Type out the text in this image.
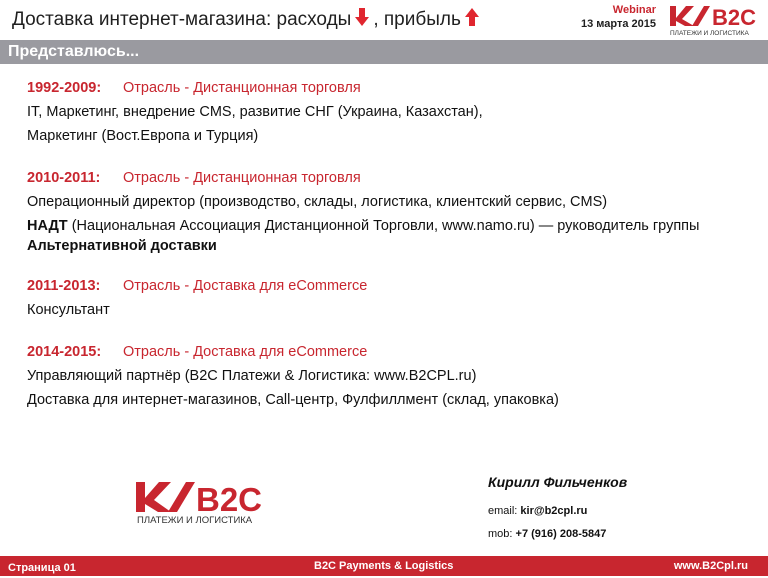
Доставка интернет-магазина: расходы , прибыль	Webinar
13 марта 2015	B2C
ПЛАТЕЖИ И ЛОГИСТИКА
Представлюсь...
1992-2009: Отрасль - Дистанционная торговля
IT, Маркетинг, внедрение CMS, развитие СНГ (Украина, Казахстан),
Маркетинг (Вост.Европа и Турция)
2010-2011: Отрасль - Дистанционная торговля
Операционный директор (производство, склады, логистика, клиентский сервис, CMS)
НАДТ (Национальная Ассоциация Дистанционной Торговли, www.namo.ru) — руководитель группы Альтернативной доставки
2011-2013: Отрасль - Доставка для eCommerce
Консультант
2014-2015: Отрасль - Доставка для eCommerce
Управляющий партнёр (B2C Платежи & Логистика: www.B2CPL.ru)
Доставка для интернет-магазинов, Call-центр, Фулфиллмент (склад, упаковка)
B2C
ПЛАТЕЖИ И ЛОГИСТИКА
Кирилл Фильченков
email: kir@b2cpl.ru
mob: +7 (916) 208-5847
Страница 01	B2C Payments & Logistics	www.B2Cpl.ru
